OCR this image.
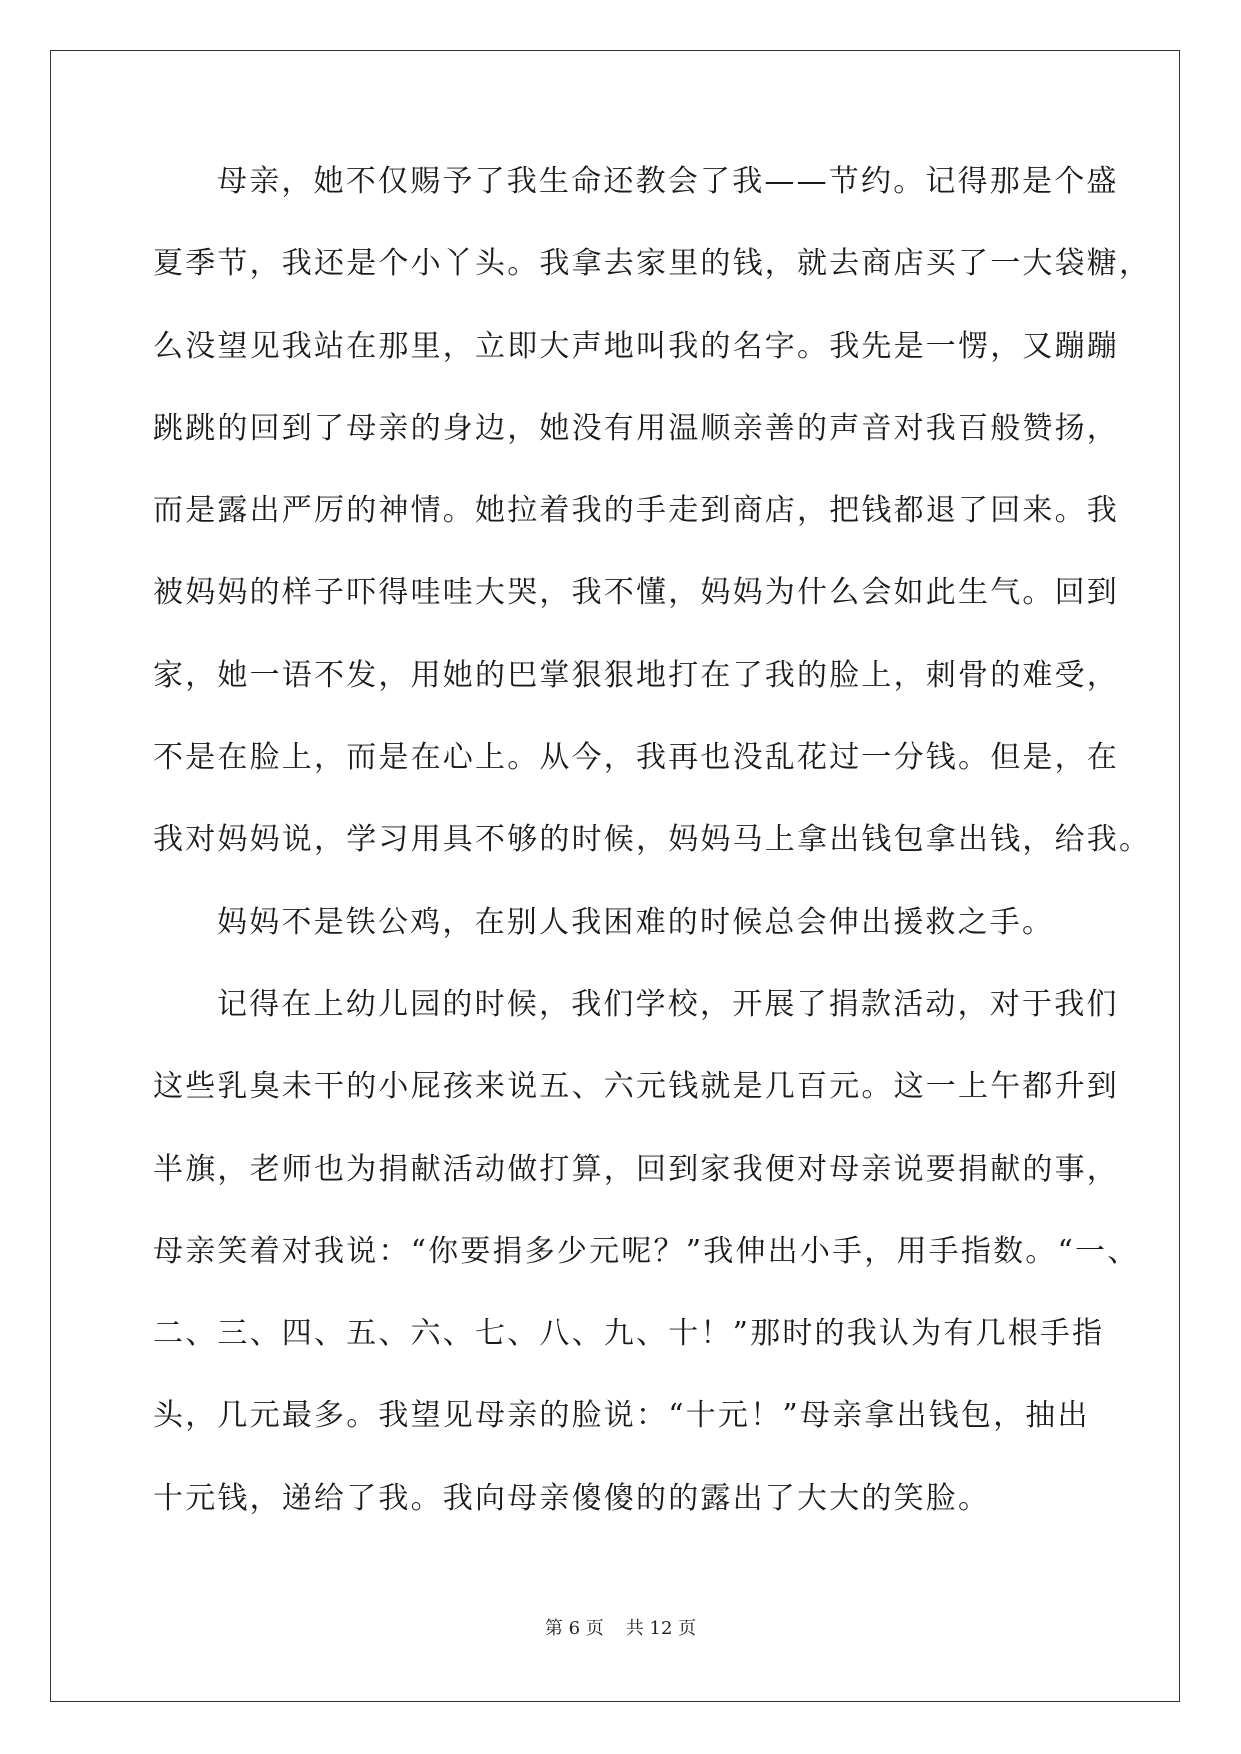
母亲，她不仅赐予了我生命还教会了我——节约。记得那是个盛
夏季节，我还是个小丫头。我拿去家里的钱，就去商店买了一大袋糖，
么没望见我站在那里，立即大声地叫我的名字。我先是一愣，又蹦蹦
跳跳的回到了母亲的身边，她没有用温顺亲善的声音对我百般赞扬，
而是露出严厉的神情。她拉着我的手走到商店，把钱都退了回来。我
被妈妈的样子吓得哇哇大哭，我不懂，妈妈为什么会如此生气。回到
家，她一语不发，用她的巴掌狠狠地打在了我的脸上，刺骨的难受，
不是在脸上，而是在心上。从今，我再也没乱花过一分钱。但是，在
我对妈妈说，学习用具不够的时候，妈妈马上拿出钱包拿出钱，给我。
妈妈不是铁公鸡，在别人我困难的时候总会伸出援救之手。
记得在上幼儿园的时候，我们学校，开展了捐款活动，对于我们
这些乳臭未干的小屁孩来说五、六元钱就是几百元。这一上午都升到
半旗，老师也为捐献活动做打算，回到家我便对母亲说要捐献的事，
母亲笑着对我说：“你要捐多少元呢？”我伸出小手，用手指数。“一、
二、三、四、五、六、七、八、九、十！”那时的我认为有几根手指
头，几元最多。我望见母亲的脸说：“十元！”母亲拿出钱包，抽出
十元钱，递给了我。我向母亲傻傻的的露出了大大的笑脸。
第 6 页 共 12 页
